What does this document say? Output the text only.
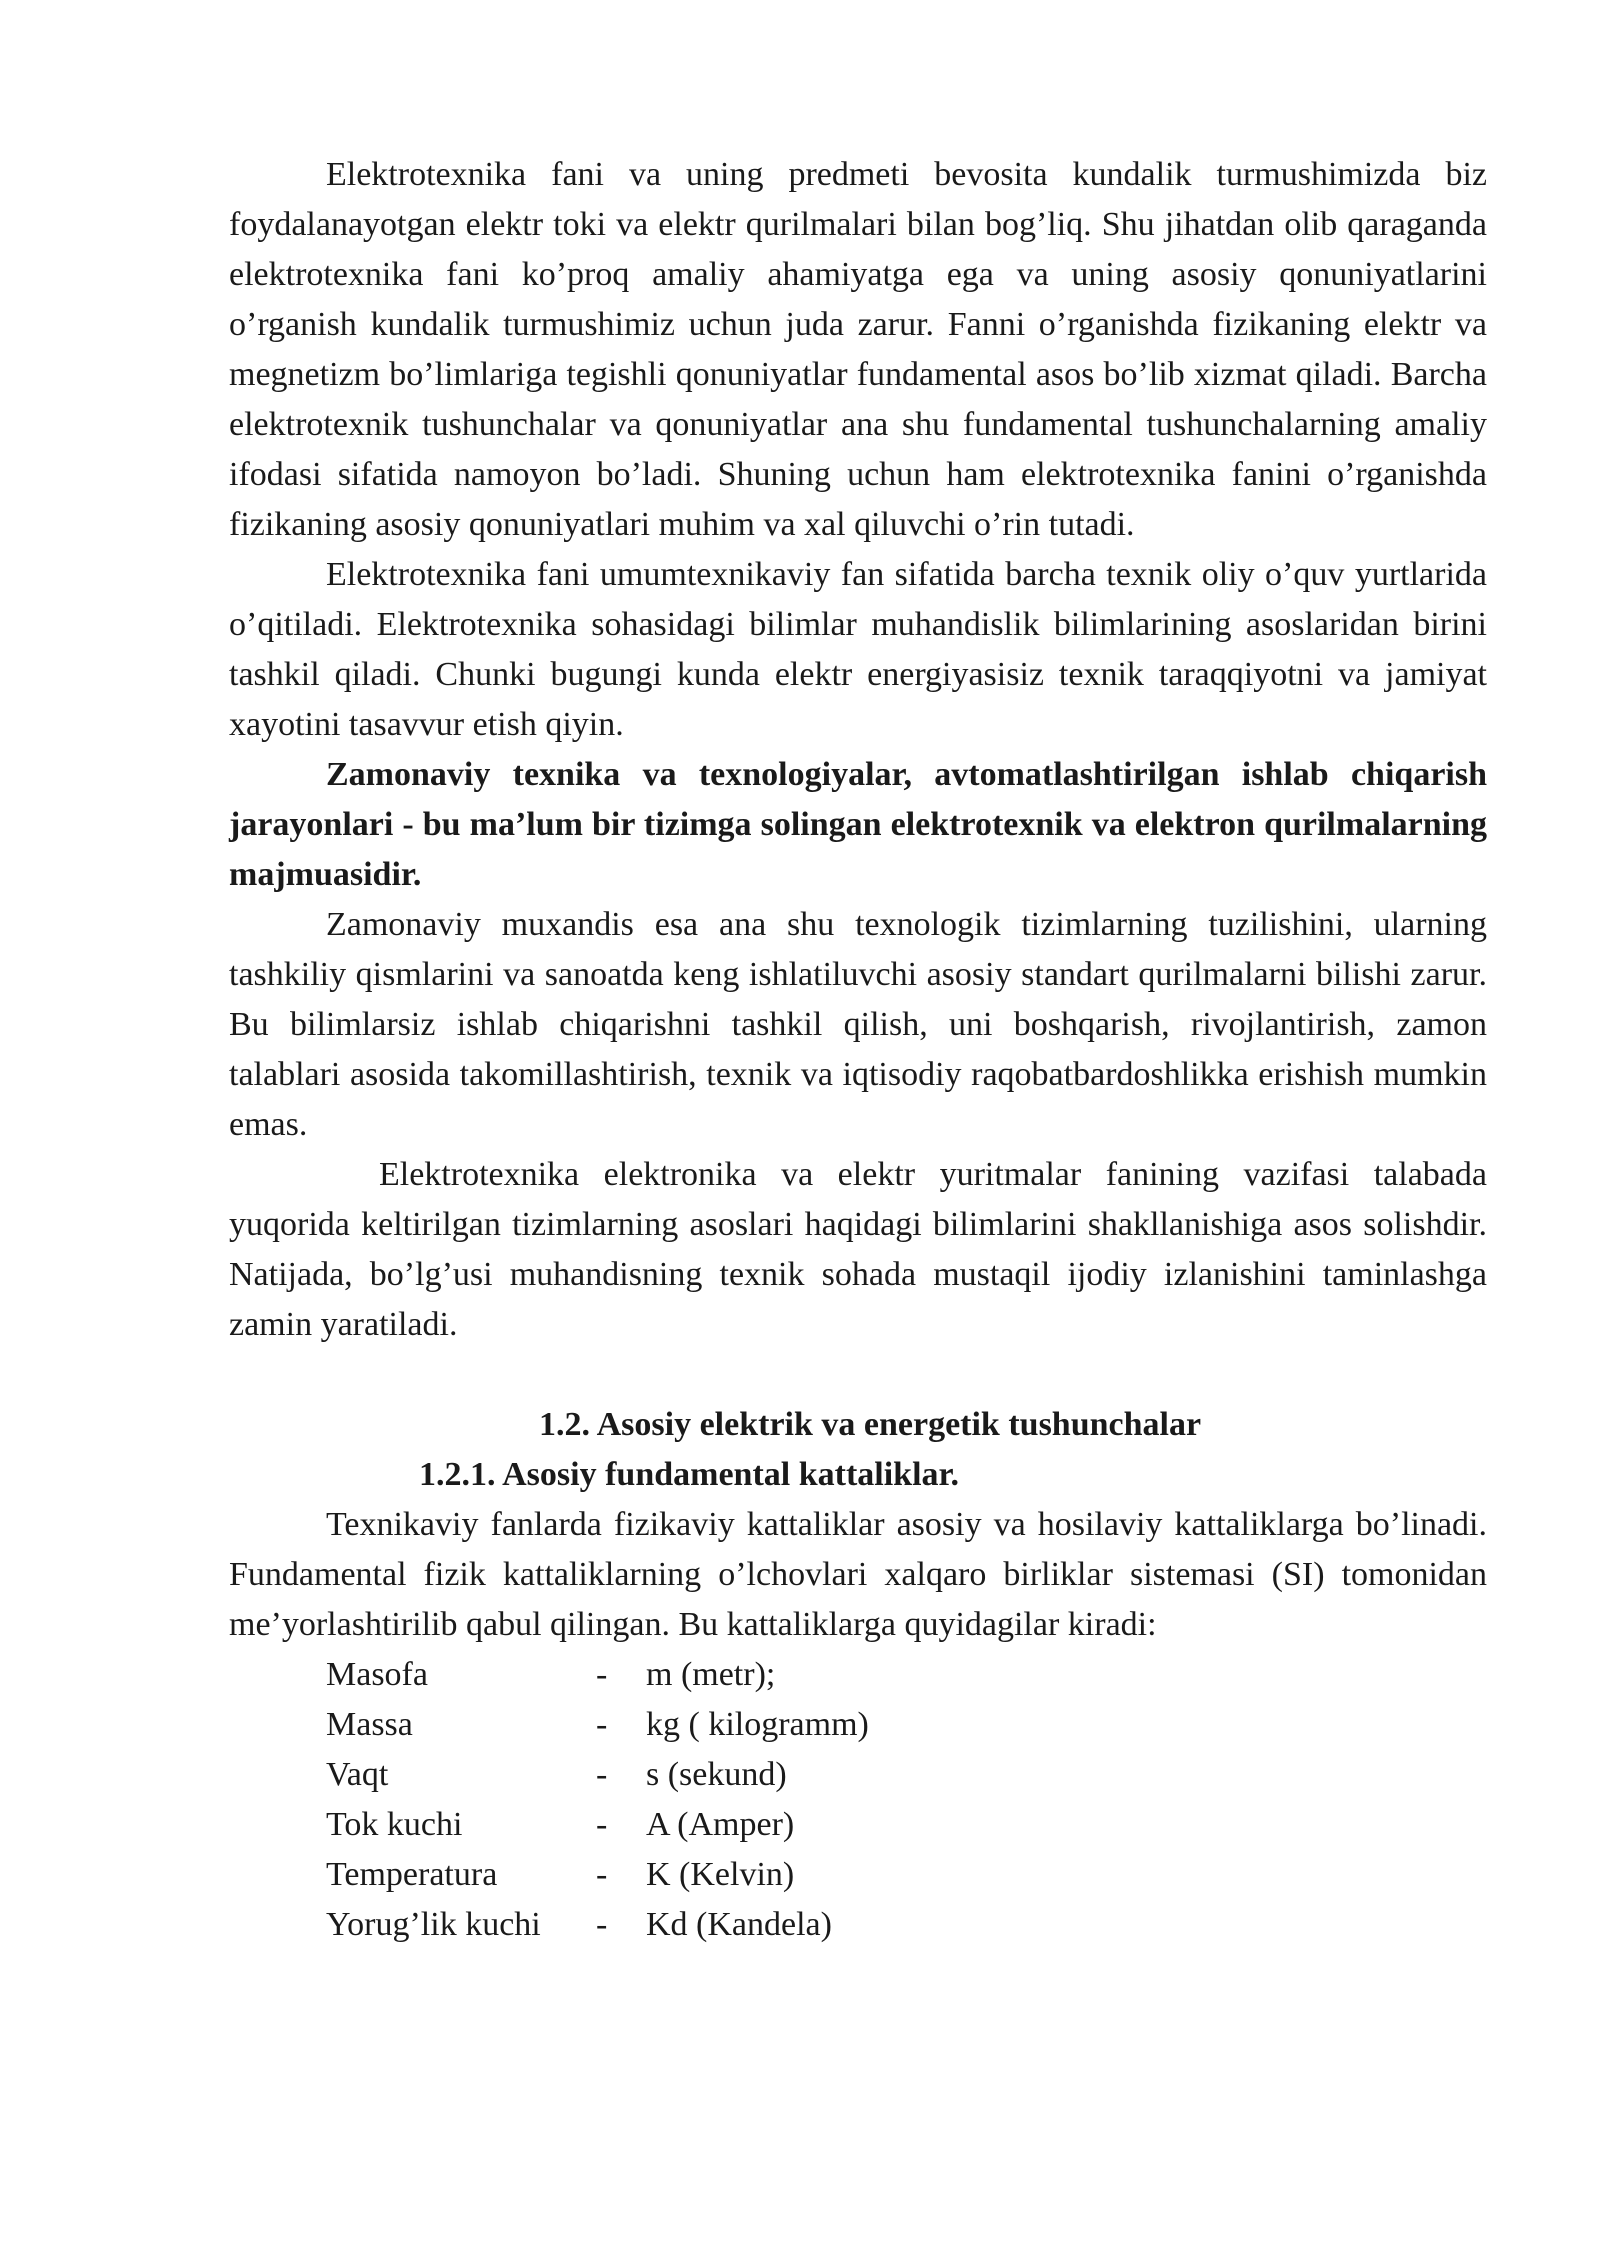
Elektrotexnika fani va uning predmeti bevosita kundalik turmushimizda biz foydalanayotgan elektr toki va elektr qurilmalari bilan bog’liq. Shu jihatdan olib qaraganda elektrotexnika fani ko’proq amaliy ahamiyatga ega va uning asosiy qonuniyatlarini o’rganish kundalik turmushimiz uchun juda zarur. Fanni o’rganishda fizikaning elektr va megnetizm bo’limlariga tegishli qonuniyatlar fundamental asos bo’lib xizmat qiladi. Barcha elektrotexnik tushunchalar va qonuniyatlar ana shu fundamental tushunchalarning amaliy ifodasi sifatida namoyon bo’ladi. Shuning uchun ham elektrotexnika fanini o’rganishda fizikaning asosiy qonuniyatlari muhim va xal qiluvchi o’rin tutadi.

Elektrotexnika fani umumtexnikaviy fan sifatida barcha texnik oliy o’quv yurtlarida o’qitiladi. Elektrotexnika sohasidagi bilimlar muhandislik bilimlarining asoslaridan birini tashkil qiladi. Chunki bugungi kunda elektr energiyasisiz texnik taraqqiyotni va jamiyat xayotini tasavvur etish qiyin.

Zamonaviy texnika va texnologiyalar, avtomatlashtirilgan ishlab chiqarish jarayonlari - bu ma’lum bir tizimga solingan elektrotexnik va elektron qurilmalarning majmuasidir.

Zamonaviy muxandis esa ana shu texnologik tizimlarning tuzilishini, ularning tashkiliy qismlarini va sanoatda keng ishlatiluvchi asosiy standart qurilmalarni bilishi zarur. Bu bilimlarsiz ishlab chiqarishni tashkil qilish, uni boshqarish, rivojlantirish, zamon talablari asosida takomillashtirish, texnik va iqtisodiy raqobatbardoshlikka erishish mumkin emas.

Elektrotexnika elektronika va elektr yuritmalar fanining vazifasi talabada yuqorida keltirilgan tizimlarning asoslari haqidagi bilimlarini shakllanishiga asos solishdir. Natijada, bo’lg’usi muhandisning texnik sohada mustaqil ijodiy izlanishini taminlashga zamin yaratiladi.

1.2. Asosiy elektrik va energetik tushunchalar

1.2.1. Asosiy fundamental kattaliklar.

Texnikaviy fanlarda fizikaviy kattaliklar asosiy va hosilaviy kattaliklarga bo’linadi. Fundamental fizik kattaliklarning o’lchovlari xalqaro birliklar sistemasi (SI) tomonidan me’yorlashtirilib qabul qilingan. Bu kattaliklarga quyidagilar kiradi:

Masofa	-	m (metr);
Massa	-	kg ( kilogramm)
Vaqt	-	s (sekund)
Tok kuchi	-	A (Amper)
Temperatura	-	K (Kelvin)
Yorug’lik kuchi	-	Kd (Kandela)
